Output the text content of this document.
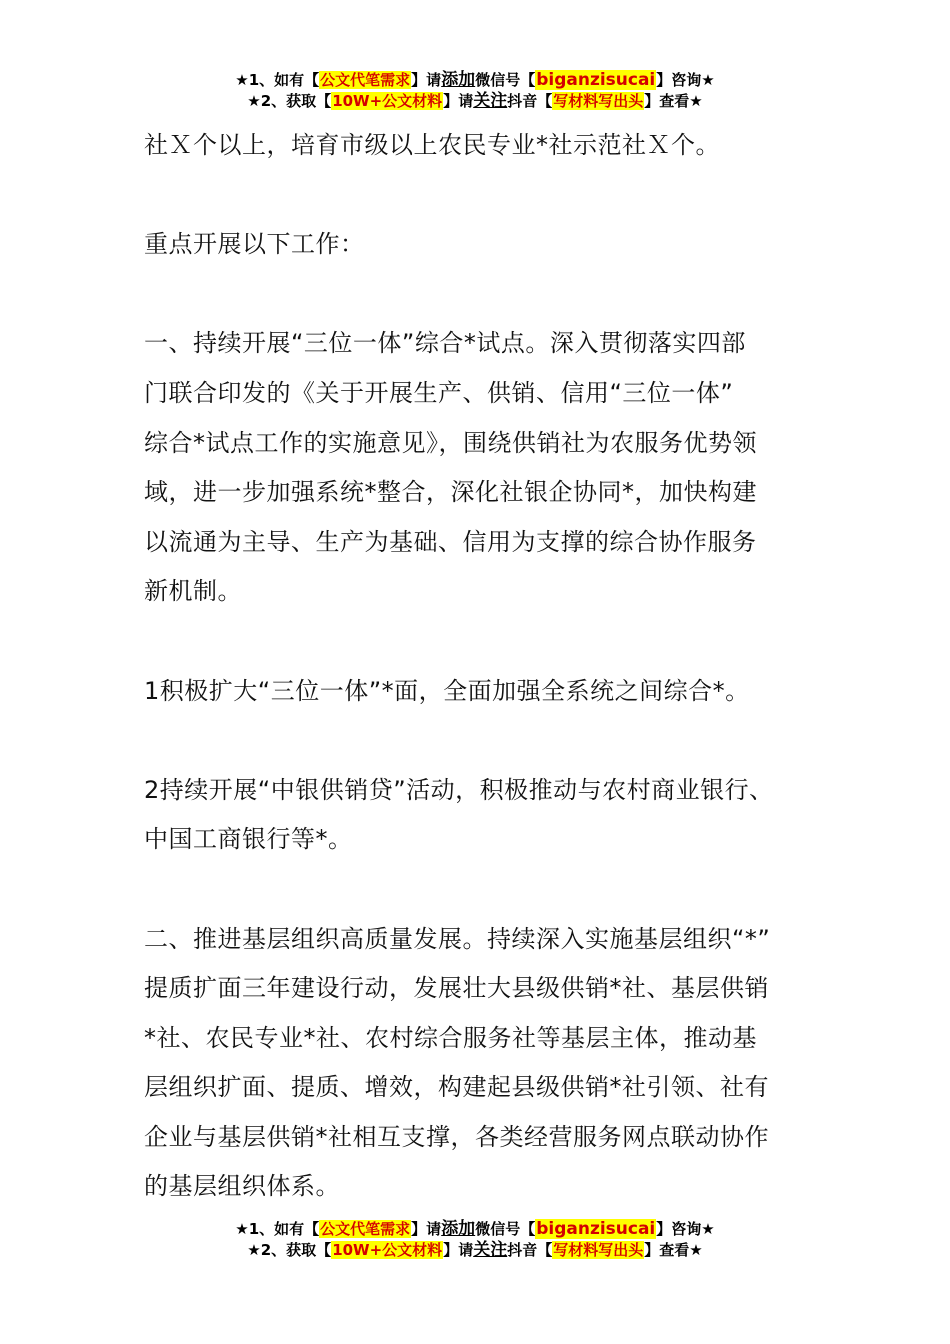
★1、如有【公文代笔需求】请添加微信号【biganzisucai】咨询★
★2、获取【10W+公文材料】请关注抖音【写材料写出头】查看★

社Ｘ个以上，培育市级以上农民专业*社示范社Ｘ个。

重点开展以下工作：

一、持续开展“三位一体”综合*试点。深入贯彻落实四部

门联合印发的《关于开展生产、供销、信用“三位一体”

综合*试点工作的实施意见》，围绕供销社为农服务优势领

域，进一步加强系统*整合，深化社银企协同*，加快构建

以流通为主导、生产为基础、信用为支撑的综合协作服务

新机制。

1积极扩大“三位一体”*面，全面加强全系统之间综合*。

2持续开展“中银供销贷”活动，积极推动与农村商业银行、

中国工商银行等*。

二、推进基层组织高质量发展。持续深入实施基层组织“*”

提质扩面三年建设行动，发展壮大县级供销*社、基层供销

*社、农民专业*社、农村综合服务社等基层主体，推动基

层组织扩面、提质、增效，构建起县级供销*社引领、社有

企业与基层供销*社相互支撑，各类经营服务网点联动协作

的基层组织体系。

★1、如有【公文代笔需求】请添加微信号【biganzisucai】咨询★
★2、获取【10W+公文材料】请关注抖音【写材料写出头】查看★
